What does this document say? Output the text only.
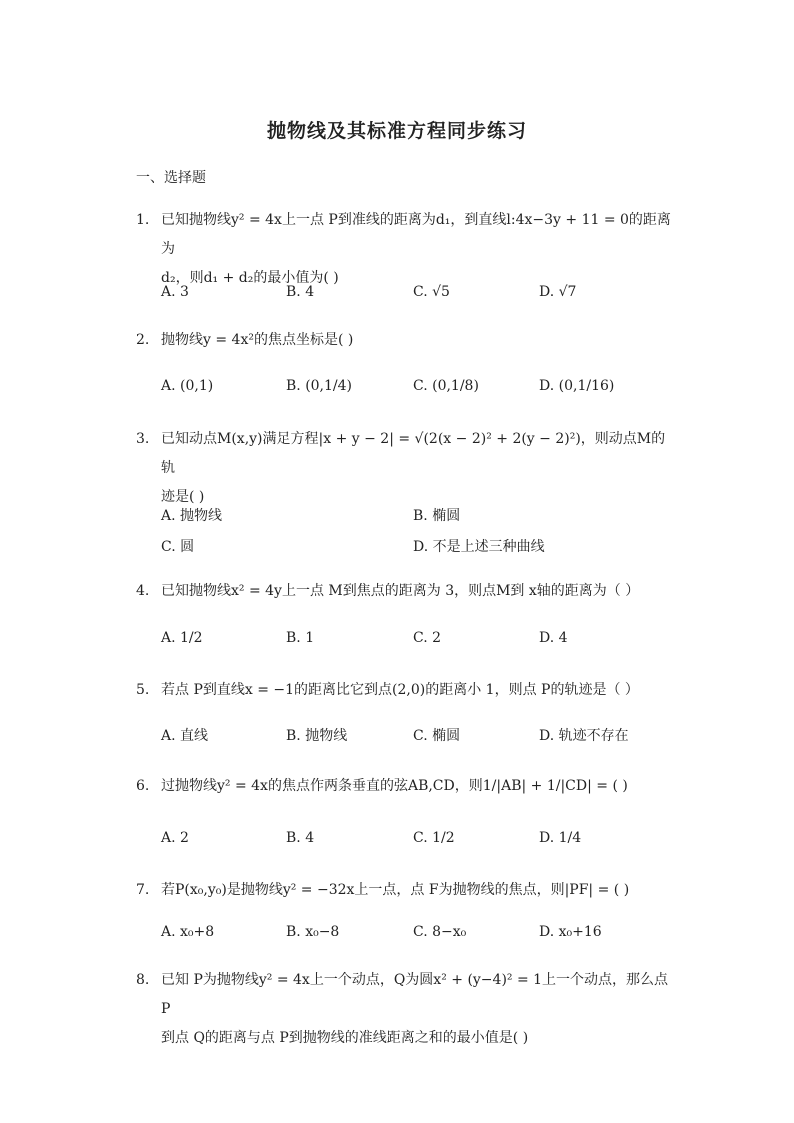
抛物线及其标准方程同步练习
一、选择题
1. 已知抛物线y² = 4x上一点 P到准线的距离为d₁，到直线l:4x−3y + 11 = 0的距离为
d₂，则d₁ + d₂的最小值为( )
A. 3	B. 4	C. √5	D. √7
2. 抛物线y = 4x²的焦点坐标是( )
A. (0,1)	B. (0,1/4)	C. (0,1/8)	D. (0,1/16)
3. 已知动点M(x,y)满足方程|x + y − 2| = √(2(x − 2)² + 2(y − 2)²)，则动点M的轨
迹是( )
A. 抛物线	B. 椭圆
C. 圆	D. 不是上述三种曲线
4. 已知抛物线x² = 4y上一点 M到焦点的距离为 3，则点M到 x轴的距离为（ ）
A. 1/2	B. 1	C. 2	D. 4
5. 若点 P到直线x = −1的距离比它到点(2,0)的距离小 1，则点 P的轨迹是（ ）
A. 直线	B. 抛物线	C. 椭圆	D. 轨迹不存在
6. 过抛物线y² = 4x的焦点作两条垂直的弦AB,CD，则1/|AB| + 1/|CD| = ( )
A. 2	B. 4	C. 1/2	D. 1/4
7. 若P(x₀,y₀)是抛物线y² = −32x上一点，点 F为抛物线的焦点，则|PF| = ( )
A. x₀+8	B. x₀−8	C. 8−x₀	D. x₀+16
8. 已知 P为抛物线y² = 4x上一个动点，Q为圆x² + (y−4)² = 1上一个动点，那么点 P
到点 Q的距离与点 P到抛物线的准线距离之和的最小值是( )
